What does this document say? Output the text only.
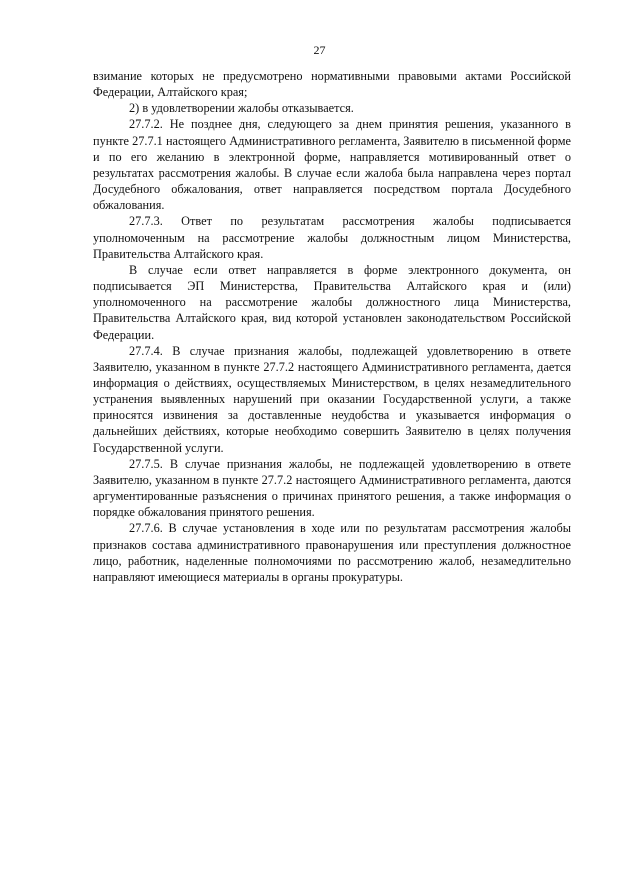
27

взимание которых не предусмотрено нормативными правовыми актами Российской Федерации, Алтайского края;

2) в удовлетворении жалобы отказывается.

27.7.2. Не позднее дня, следующего за днем принятия решения, указанного в пункте 27.7.1 настоящего Административного регламента, Заявителю в письменной форме и по его желанию в электронной форме, направляется мотивированный ответ о результатах рассмотрения жалобы. В случае если жалоба была направлена через портал Досудебного обжалования, ответ направляется посредством портала Досудебного обжалования.

27.7.3. Ответ по результатам рассмотрения жалобы подписывается уполномоченным на рассмотрение жалобы должностным лицом Министерства, Правительства Алтайского края.

В случае если ответ направляется в форме электронного документа, он подписывается ЭП Министерства, Правительства Алтайского края и (или) уполномоченного на рассмотрение жалобы должностного лица Министерства, Правительства Алтайского края, вид которой установлен законодательством Российской Федерации.

27.7.4. В случае признания жалобы, подлежащей удовлетворению в ответе Заявителю, указанном в пункте 27.7.2 настоящего Административного регламента, дается информация о действиях, осуществляемых Министерством, в целях незамедлительного устранения выявленных нарушений при оказании Государственной услуги, а также приносятся извинения за доставленные неудобства и указывается информация о дальнейших действиях, которые необходимо совершить Заявителю в целях получения Государственной услуги.

27.7.5. В случае признания жалобы, не подлежащей удовлетворению в ответе Заявителю, указанном в пункте 27.7.2 настоящего Административного регламента, даются аргументированные разъяснения о причинах принятого решения, а также информация о порядке обжалования принятого решения.

27.7.6. В случае установления в ходе или по результатам рассмотрения жалобы признаков состава административного правонарушения или преступления должностное лицо, работник, наделенные полномочиями по рассмотрению жалоб, незамедлительно направляют имеющиеся материалы в органы прокуратуры.
